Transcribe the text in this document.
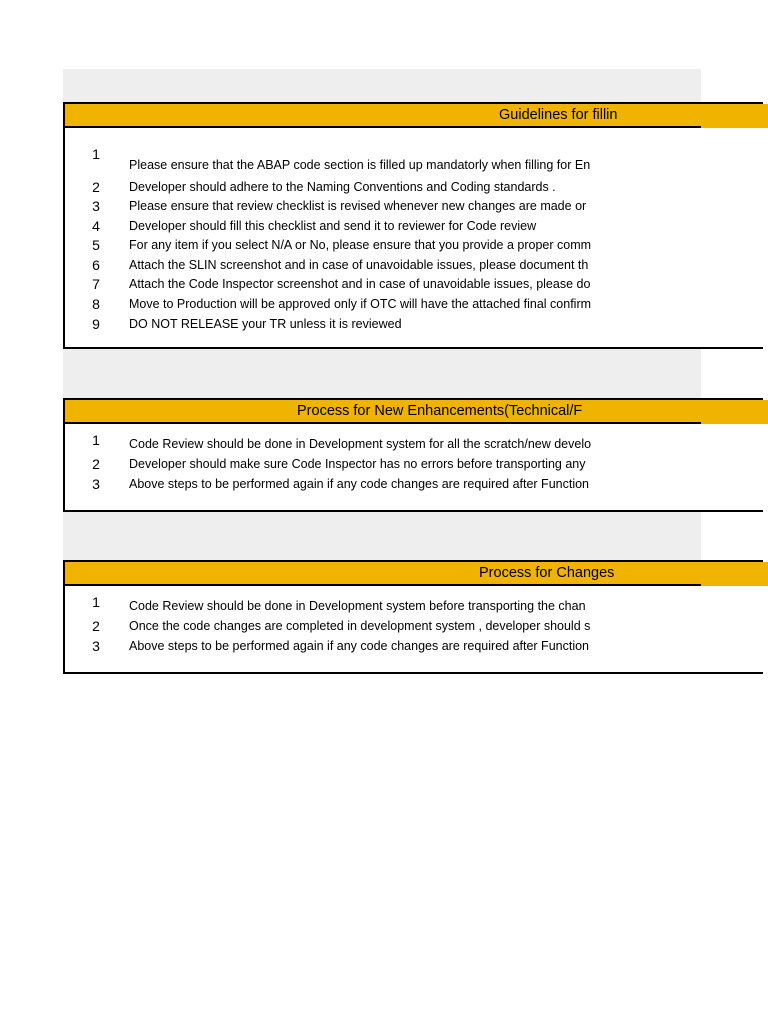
Guidelines for fillin
1
Please ensure that the ABAP code section is filled up mandatorly when filling for En
2 Developer should adhere to the Naming Conventions and Coding standards .
3 Please ensure that review checklist is revised whenever new changes are made or
4 Developer should fill this checklist and send it to reviewer for Code review
5 For any item if you select N/A or No, please ensure that you provide a proper comm
6 Attach the SLIN screenshot and in case of unavoidable issues, please document th
7 Attach the Code Inspector screenshot and in case of unavoidable issues, please do
8 Move to Production will be approved only if OTC will have the attached final confirm
9 DO NOT RELEASE your TR unless it is reviewed
Process for New Enhancements(Technical/F
1 Code Review should be done in Development system for all the scratch/new develo
2 Developer should make sure Code Inspector has no errors before transporting any
3 Above steps to be performed again if any code changes are required after Function
Process for Changes
1 Code Review should be done in Development system before transporting the chan
2 Once the code changes are completed in development system , developer should s
3 Above steps to be performed again if any code changes are required after Function
